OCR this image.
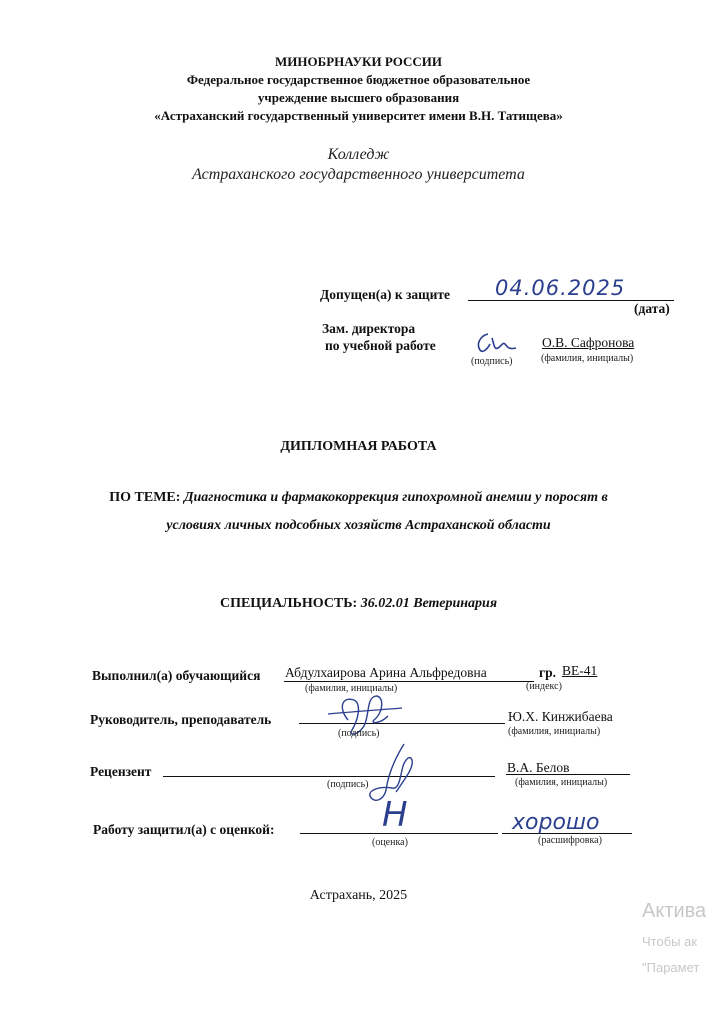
МИНОБРНАУКИ РОССИИ
Федеральное государственное бюджетное образовательное
учреждение высшего образования
«Астраханский государственный университет имени В.Н. Татищева»
Колледж
Астраханского государственного университета
Допущен(а) к защите 04.06.2025
(дата)
Зам. директора
по учебной работе
(подпись)
О.В. Сафронова
(фамилия, инициалы)
ДИПЛОМНАЯ РАБОТА
ПО ТЕМЕ: Диагностика и фармакокоррекция гипохромной анемии у поросят в
условиях личных подсобных хозяйств Астраханской области
СПЕЦИАЛЬНОСТЬ: 36.02.01 Ветеринария
Выполнил(а) обучающийся Абдулхаирова Арина Альфредовна
(фамилия, инициалы)
гр. ВЕ-41
(индекс)
Руководитель, преподаватель
(подпись)
Ю.Х. Кинжибаева
(фамилия, инициалы)
Рецензент
(подпись)
В.А. Белов
(фамилия, инициалы)
Работу защитил(а) с оценкой:	Н
(оценка)
хорошо
(расшифровка)
Астрахань, 2025
Актива
Чтобы ак
"Парамет
